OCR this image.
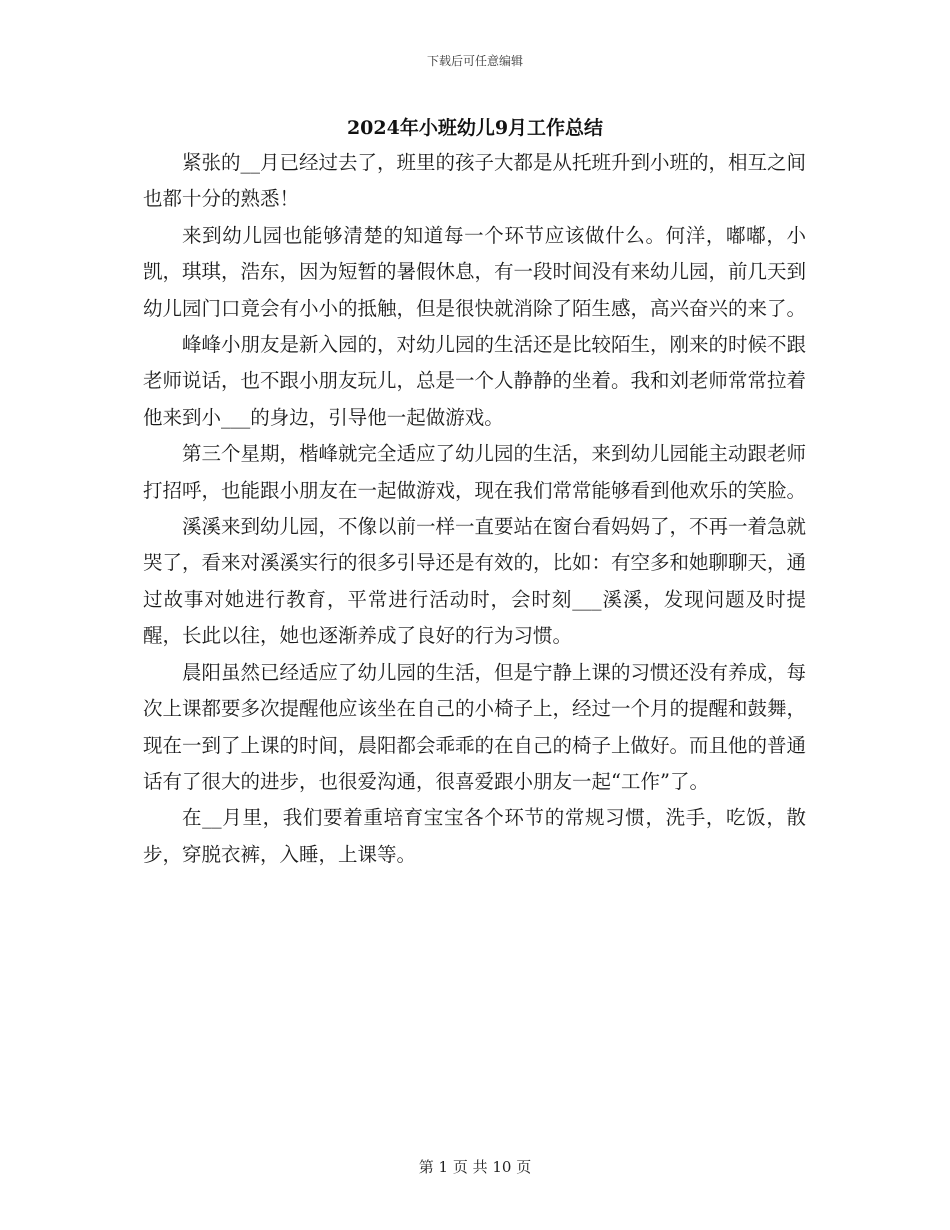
下载后可任意编辑
2024年小班幼儿9月工作总结

紧张的__月已经过去了，班里的孩子大都是从托班升到小班的，相互之间也都十分的熟悉！

来到幼儿园也能够清楚的知道每一个环节应该做什么。何洋，嘟嘟，小凯，琪琪，浩东，因为短暂的暑假休息，有一段时间没有来幼儿园，前几天到幼儿园门口竟会有小小的抵触，但是很快就消除了陌生感，高兴奋兴的来了。

峰峰小朋友是新入园的，对幼儿园的生活还是比较陌生，刚来的时候不跟老师说话，也不跟小朋友玩儿，总是一个人静静的坐着。我和刘老师常常拉着他来到小___的身边，引导他一起做游戏。

第三个星期，楷峰就完全适应了幼儿园的生活，来到幼儿园能主动跟老师打招呼，也能跟小朋友在一起做游戏，现在我们常常能够看到他欢乐的笑脸。

溪溪来到幼儿园，不像以前一样一直要站在窗台看妈妈了，不再一着急就哭了，看来对溪溪实行的很多引导还是有效的，比如：有空多和她聊聊天，通过故事对她进行教育，平常进行活动时，会时刻___溪溪，发现问题及时提醒，长此以往，她也逐渐养成了良好的行为习惯。

晨阳虽然已经适应了幼儿园的生活，但是宁静上课的习惯还没有养成，每次上课都要多次提醒他应该坐在自己的小椅子上，经过一个月的提醒和鼓舞，现在一到了上课的时间，晨阳都会乖乖的在自己的椅子上做好。而且他的普通话有了很大的进步，也很爱沟通，很喜爱跟小朋友一起“工作”了。

在__月里，我们要着重培育宝宝各个环节的常规习惯，洗手，吃饭，散步，穿脱衣裤，入睡，上课等。

第 1 页 共 10 页
